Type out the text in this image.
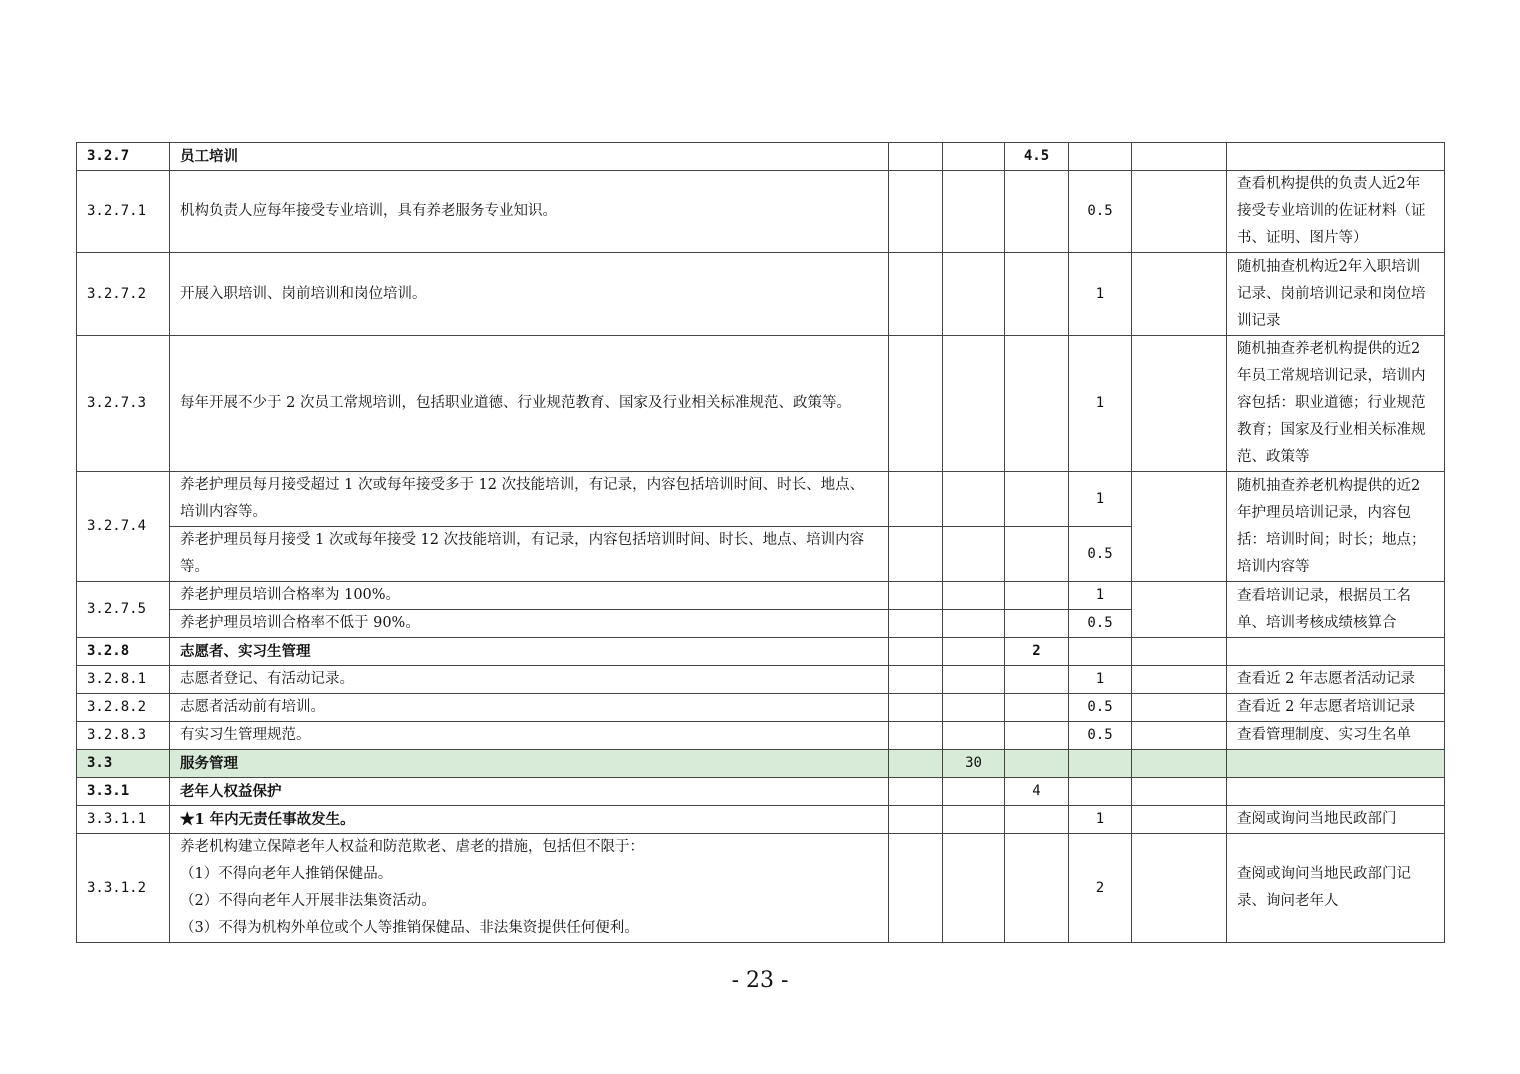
3.2.7	员工培训			4.5			
3.2.7.1	机构负责人应每年接受专业培训，具有养老服务专业知识。				0.5		查看机构提供的负责人近2年接受专业培训的佐证材料（证书、证明、图片等）
3.2.7.2	开展入职培训、岗前培训和岗位培训。				1		随机抽查机构近2年入职培训记录、岗前培训记录和岗位培训记录
3.2.7.3	每年开展不少于 2 次员工常规培训，包括职业道德、行业规范教育、国家及行业相关标准规范、政策等。				1		随机抽查养老机构提供的近2年员工常规培训记录，培训内容包括：职业道德；行业规范教育；国家及行业相关标准规范、政策等
3.2.7.4	养老护理员每月接受超过 1 次或每年接受多于 12 次技能培训，有记录，内容包括培训时间、时长、地点、培训内容等。				1		随机抽查养老机构提供的近2年护理员培训记录，内容包括：培训时间；时长；地点；培训内容等
	养老护理员每月接受 1 次或每年接受 12 次技能培训，有记录，内容包括培训时间、时长、地点、培训内容等。				0.5		
3.2.7.5	养老护理员培训合格率为 100%。				1		查看培训记录，根据员工名单、培训考核成绩核算合
	养老护理员培训合格率不低于 90%。				0.5		
3.2.8	志愿者、实习生管理			2			
3.2.8.1	志愿者登记、有活动记录。				1		查看近 2 年志愿者活动记录
3.2.8.2	志愿者活动前有培训。				0.5		查看近 2 年志愿者培训记录
3.2.8.3	有实习生管理规范。				0.5		查看管理制度、实习生名单
3.3	服务管理		30				
3.3.1	老年人权益保护			4			
3.3.1.1	★1 年内无责任事故发生。				1		查阅或询问当地民政部门
3.3.1.2	养老机构建立保障老年人权益和防范欺老、虐老的措施，包括但不限于：
（1）不得向老年人推销保健品。
（2）不得向老年人开展非法集资活动。
（3）不得为机构外单位或个人等推销保健品、非法集资提供任何便利。				2		查阅或询问当地民政部门记录、询问老年人
- 23 -
